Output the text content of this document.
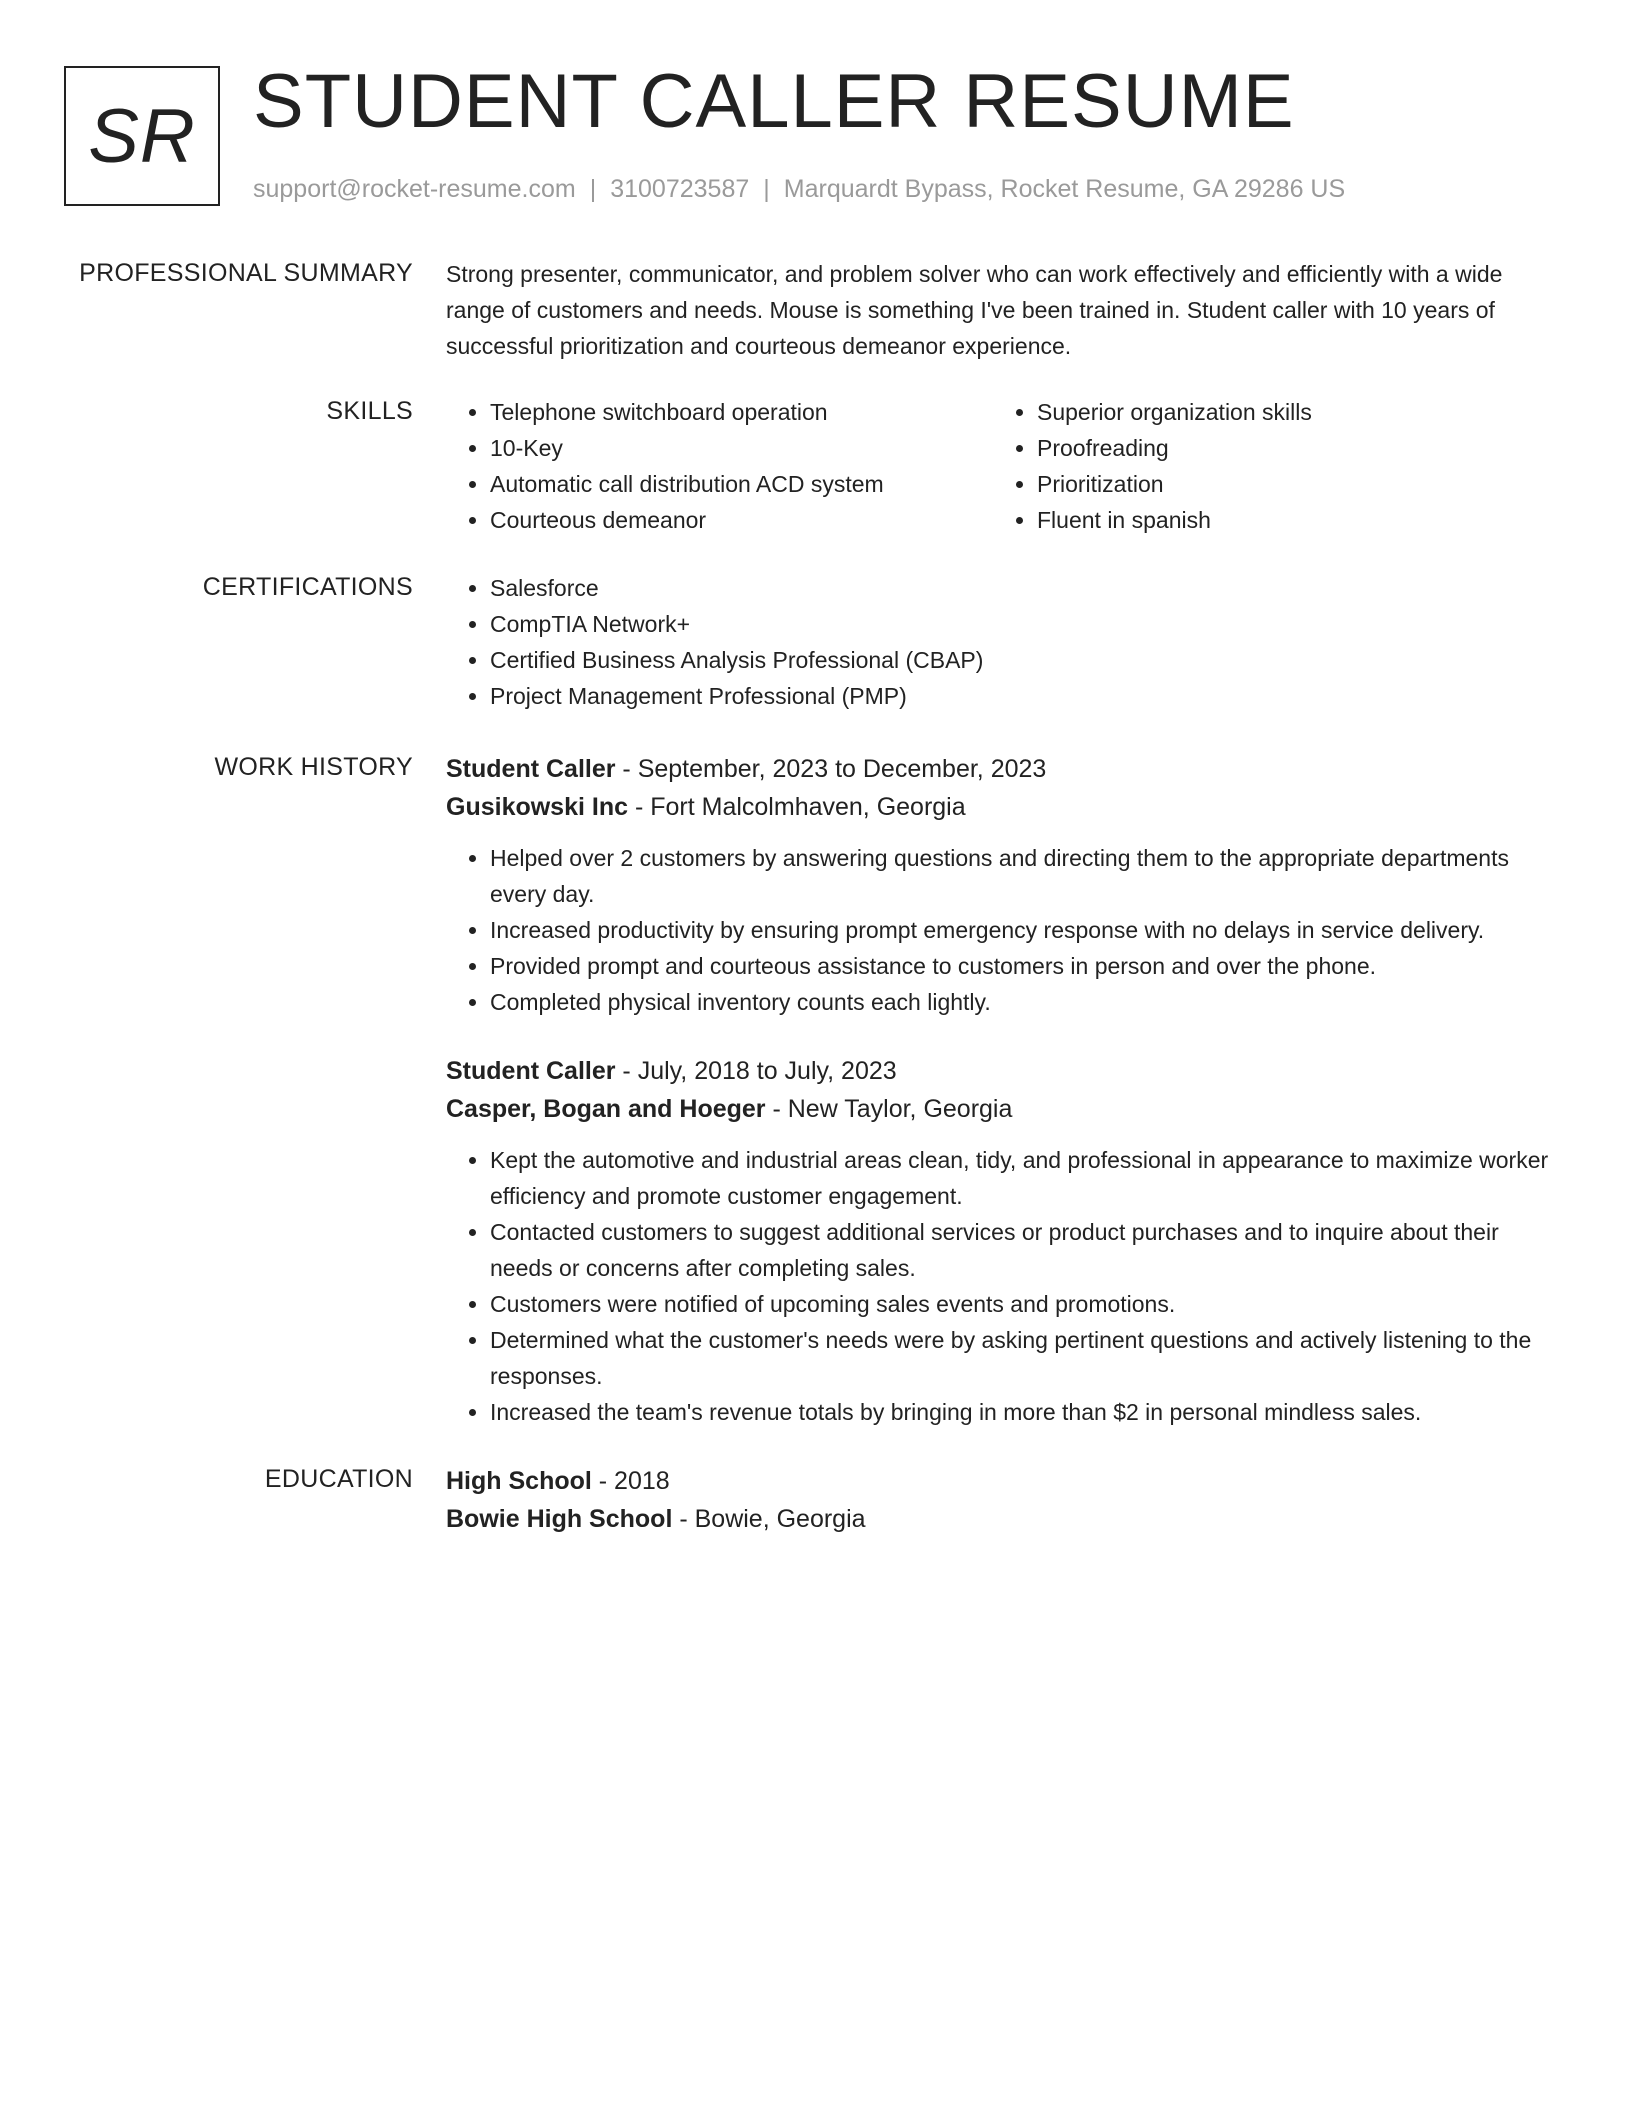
SR STUDENT CALLER RESUME
support@rocket-resume.com | 3100723587 | Marquardt Bypass, Rocket Resume, GA 29286 US
PROFESSIONAL SUMMARY Strong presenter, communicator, and problem solver who can work effectively and efficiently with a wide range of customers and needs. Mouse is something I've been trained in. Student caller with 10 years of successful prioritization and courteous demeanor experience.

SKILLS	• Telephone switchboard operation
• 10-Key
• Automatic call distribution ACD system
• Courteous demeanor
• Superior organization skills
• Proofreading
• Prioritization
• Fluent in spanish
CERTIFICATIONS	• Salesforce
• CompTIA Network+
• Certified Business Analysis Professional (CBAP)
• Project Management Professional (PMP)
WORK HISTORY Student Caller - September, 2023 to December, 2023

Gusikowski Inc - Fort Malcolmhaven, Georgia

• Helped over 2 customers by answering questions and directing them to the appropriate departments every day.
• Increased productivity by ensuring prompt emergency response with no delays in service delivery.
• Provided prompt and courteous assistance to customers in person and over the phone.
• Completed physical inventory counts each lightly.

Student Caller - July, 2018 to July, 2023

Casper, Bogan and Hoeger - New Taylor, Georgia

• Kept the automotive and industrial areas clean, tidy, and professional in appearance to maximize worker efficiency and promote customer engagement.
• Contacted customers to suggest additional services or product purchases and to inquire about their needs or concerns after completing sales.
• Customers were notified of upcoming sales events and promotions.
• Determined what the customer's needs were by asking pertinent questions and actively listening to the responses.
• Increased the team's revenue totals by bringing in more than $2 in personal mindless sales.
EDUCATION High School - 2018

Bowie High School - Bowie, Georgia
